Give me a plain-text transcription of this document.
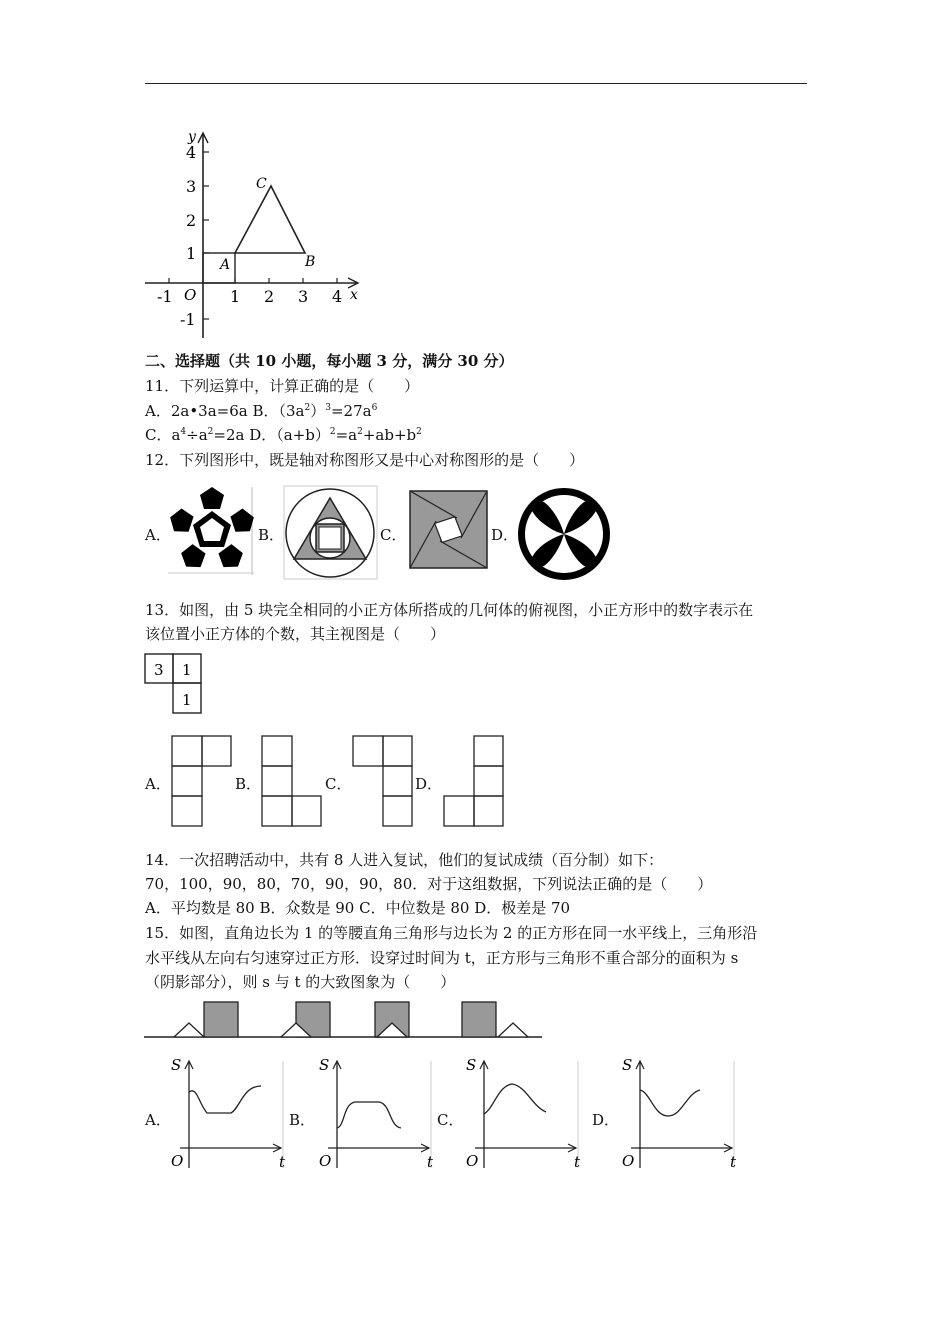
y
x
O
-1	1 2 3 4
4
3
2
1
-1
A	B
C
二、选择题（共 10 小题，每小题 3 分，满分 30 分）
11．下列运算中，计算正确的是（　　）
A．2a•3a=6a B．$(3a^2)^3=27a^6$
C．$a^4\div a^2=2a$ D．$(a+b)^2=a^2+ab+b^2$
12．下列图形中，既是轴对称图形又是中心对称图形的是（　　）
A．	B．	C．	D．
13．如图，由 5 块完全相同的小正方体所搭成的几何体的俯视图，小正方形中的数字表示在
该位置小正方体的个数，其主视图是（　　）
3 1
1
A．	B．	C．	D．
14．一次招聘活动中，共有 8 人进入复试，他们的复试成绩（百分制）如下：
70，100，90，80，70，90，90，80．对于这组数据，下列说法正确的是（　　）
A．平均数是 80 B．众数是 90 C．中位数是 80 D．极差是 70
15．如图，直角边长为 1 的等腰直角三角形与边长为 2 的正方形在同一水平线上，三角形沿
水平线从左向右匀速穿过正方形．设穿过时间为 t，正方形与三角形不重合部分的面积为 s
（阴影部分），则 s 与 t 的大致图象为（　　）
A．	B．	C．	D．
S
t
O
S
t
O
S
t
O
S
t
O
